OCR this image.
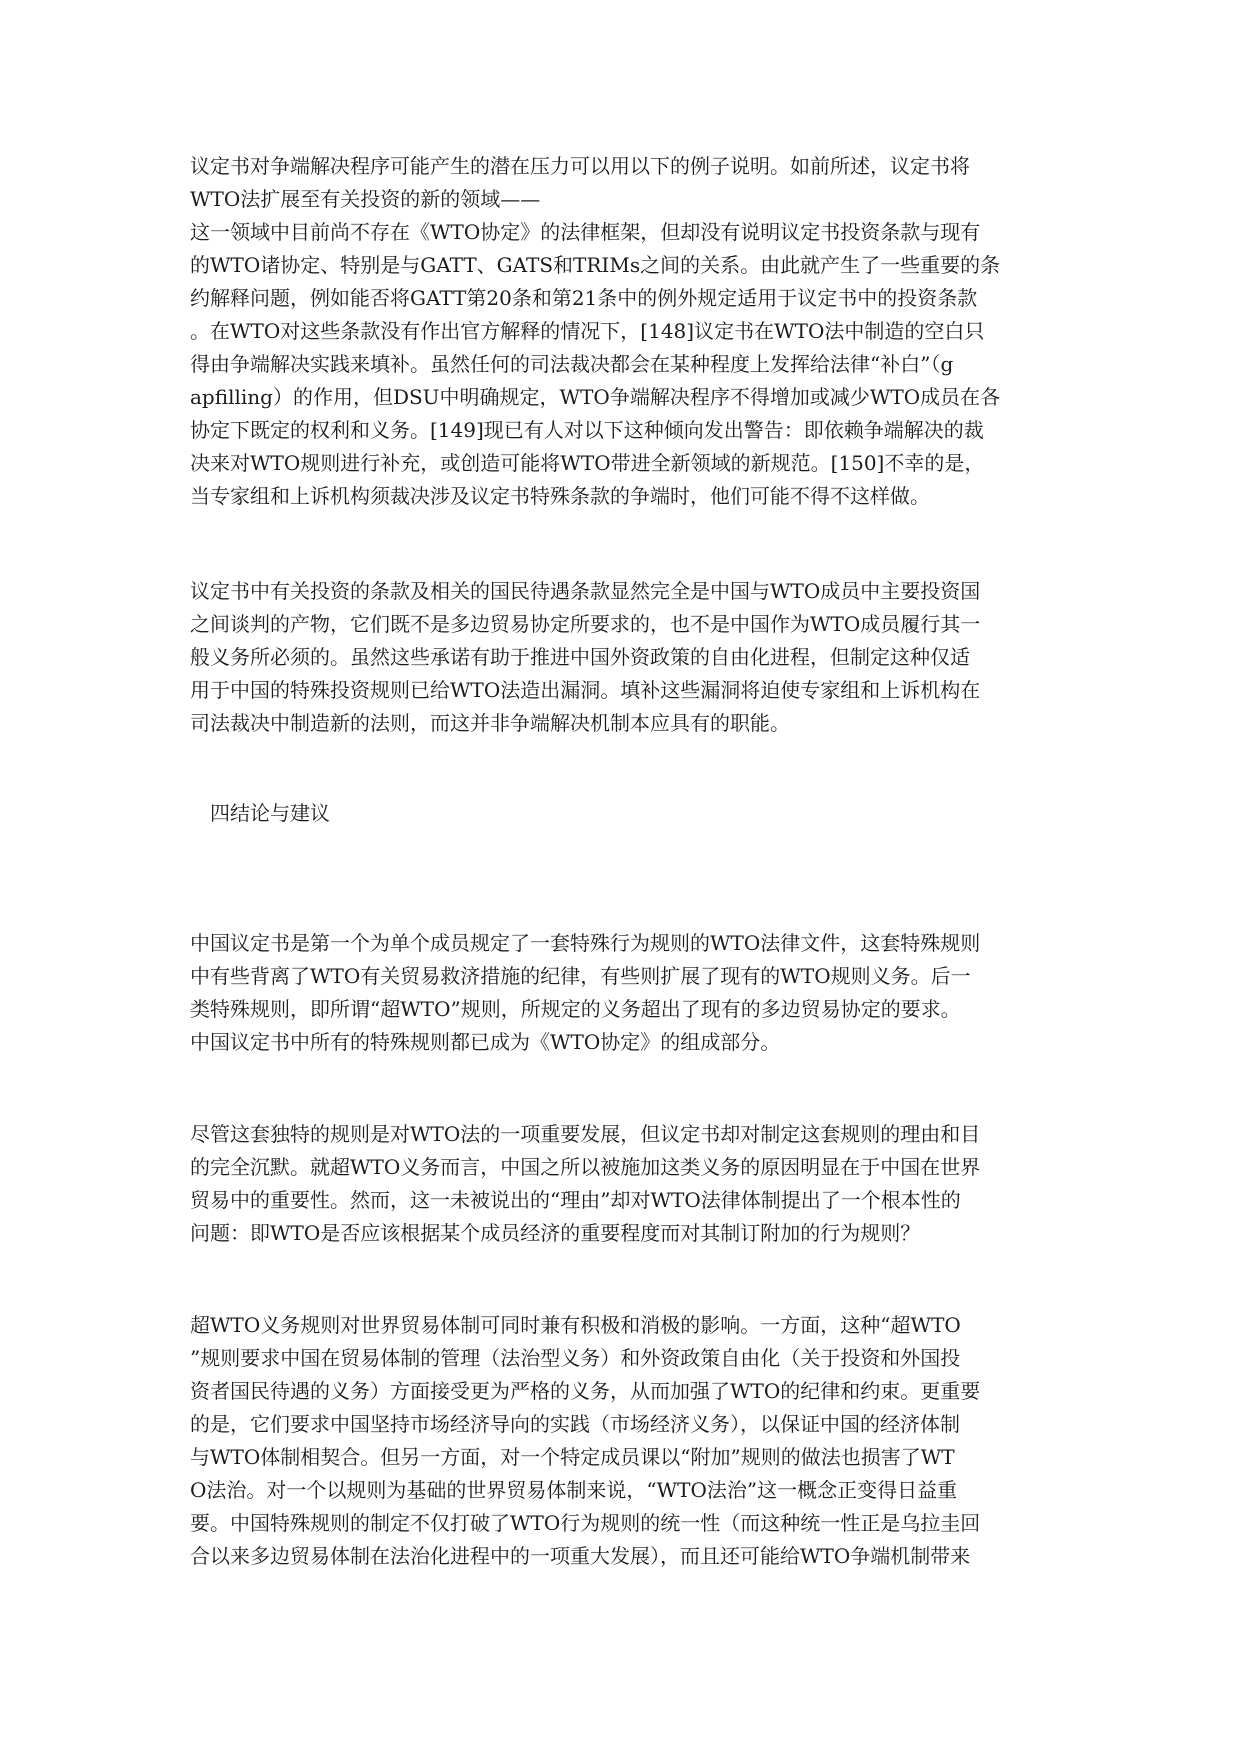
议定书对争端解决程序可能产生的潜在压力可以用以下的例子说明。如前所述，议定书将
WTO法扩展至有关投资的新的领域——
这一领域中目前尚不存在《WTO协定》的法律框架，但却没有说明议定书投资条款与现有
的WTO诸协定、特别是与GATT、GATS和TRIMs之间的关系。由此就产生了一些重要的条
约解释问题，例如能否将GATT第20条和第21条中的例外规定适用于议定书中的投资条款
。在WTO对这些条款没有作出官方解释的情况下，[148]议定书在WTO法中制造的空白只
得由争端解决实践来填补。虽然任何的司法裁决都会在某种程度上发挥给法律“补白”（g
apfilling）的作用，但DSU中明确规定，WTO争端解决程序不得增加或减少WTO成员在各
协定下既定的权利和义务。[149]现已有人对以下这种倾向发出警告：即依赖争端解决的裁
决来对WTO规则进行补充，或创造可能将WTO带进全新领域的新规范。[150]不幸的是，
当专家组和上诉机构须裁决涉及议定书特殊条款的争端时，他们可能不得不这样做。
议定书中有关投资的条款及相关的国民待遇条款显然完全是中国与WTO成员中主要投资国
之间谈判的产物，它们既不是多边贸易协定所要求的，也不是中国作为WTO成员履行其一
般义务所必须的。虽然这些承诺有助于推进中国外资政策的自由化进程，但制定这种仅适
用于中国的特殊投资规则已给WTO法造出漏洞。填补这些漏洞将迫使专家组和上诉机构在
司法裁决中制造新的法则，而这并非争端解决机制本应具有的职能。
四结论与建议
中国议定书是第一个为单个成员规定了一套特殊行为规则的WTO法律文件，这套特殊规则
中有些背离了WTO有关贸易救济措施的纪律，有些则扩展了现有的WTO规则义务。后一
类特殊规则，即所谓“超WTO”规则，所规定的义务超出了现有的多边贸易协定的要求。
中国议定书中所有的特殊规则都已成为《WTO协定》的组成部分。
尽管这套独特的规则是对WTO法的一项重要发展，但议定书却对制定这套规则的理由和目
的完全沉默。就超WTO义务而言，中国之所以被施加这类义务的原因明显在于中国在世界
贸易中的重要性。然而，这一未被说出的“理由”却对WTO法律体制提出了一个根本性的
问题：即WTO是否应该根据某个成员经济的重要程度而对其制订附加的行为规则？
超WTO义务规则对世界贸易体制可同时兼有积极和消极的影响。一方面，这种“超WTO
”规则要求中国在贸易体制的管理（法治型义务）和外资政策自由化（关于投资和外国投
资者国民待遇的义务）方面接受更为严格的义务，从而加强了WTO的纪律和约束。更重要
的是，它们要求中国坚持市场经济导向的实践（市场经济义务），以保证中国的经济体制
与WTO体制相契合。但另一方面，对一个特定成员课以“附加”规则的做法也损害了WT
O法治。对一个以规则为基础的世界贸易体制来说，“WTO法治”这一概念正变得日益重
要。中国特殊规则的制定不仅打破了WTO行为规则的统一性（而这种统一性正是乌拉圭回
合以来多边贸易体制在法治化进程中的一项重大发展），而且还可能给WTO争端机制带来
